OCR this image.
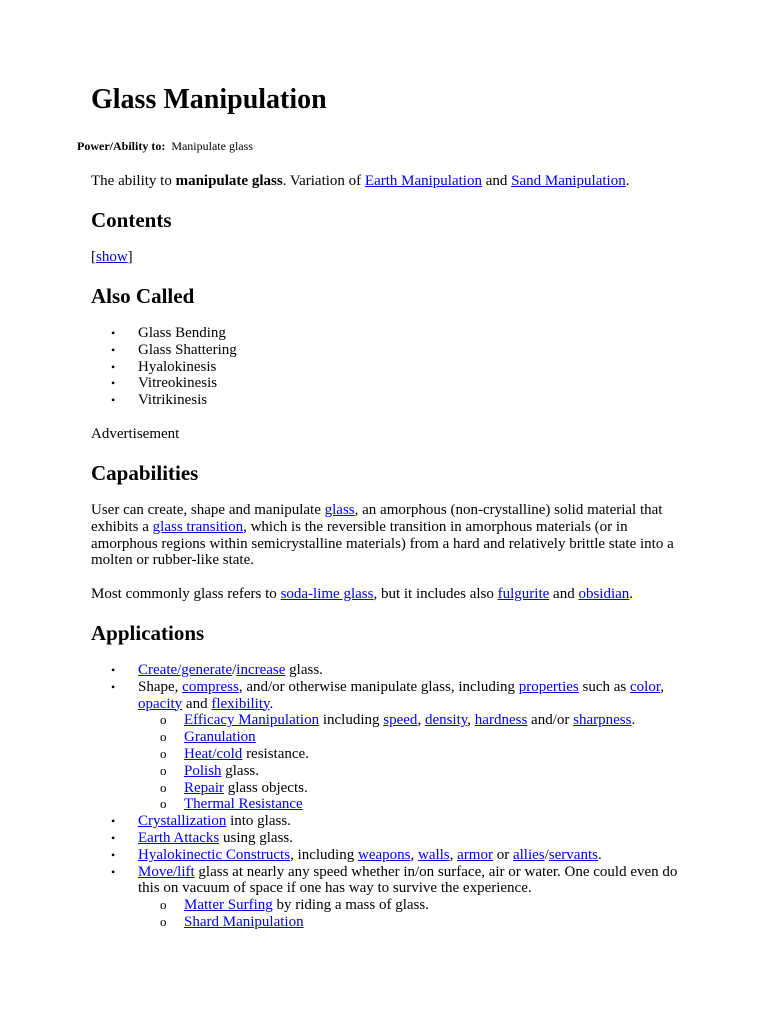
Glass Manipulation
Power/Ability to: Manipulate glass

The ability to manipulate glass. Variation of Earth Manipulation and Sand Manipulation.

Contents
[show]
Also Called
• Glass Bending
• Glass Shattering
• Hyalokinesis
• Vitreokinesis
• Vitrikinesis
Advertisement
Capabilities

User can create, shape and manipulate glass, an amorphous (non-crystalline) solid material that exhibits a glass transition, which is the reversible transition in amorphous materials (or in amorphous regions within semicrystalline materials) from a hard and relatively brittle state into a molten or rubber-like state.

Most commonly glass refers to soda-lime glass, but it includes also fulgurite and obsidian.

Applications
• Create/generate/increase glass.
• Shape, compress, and/or otherwise manipulate glass, including properties such as color, opacity and flexibility.
o Efficacy Manipulation including speed, density, hardness and/or sharpness.
o Granulation
o Heat/cold resistance.
o Polish glass.
o Repair glass objects.
o Thermal Resistance
• Crystallization into glass.
• Earth Attacks using glass.
• Hyalokinectic Constructs, including weapons, walls, armor or allies/servants.
• Move/lift glass at nearly any speed whether in/on surface, air or water. One could even do this on vacuum of space if one has way to survive the experience.
o Matter Surfing by riding a mass of glass.
o Shard Manipulation
